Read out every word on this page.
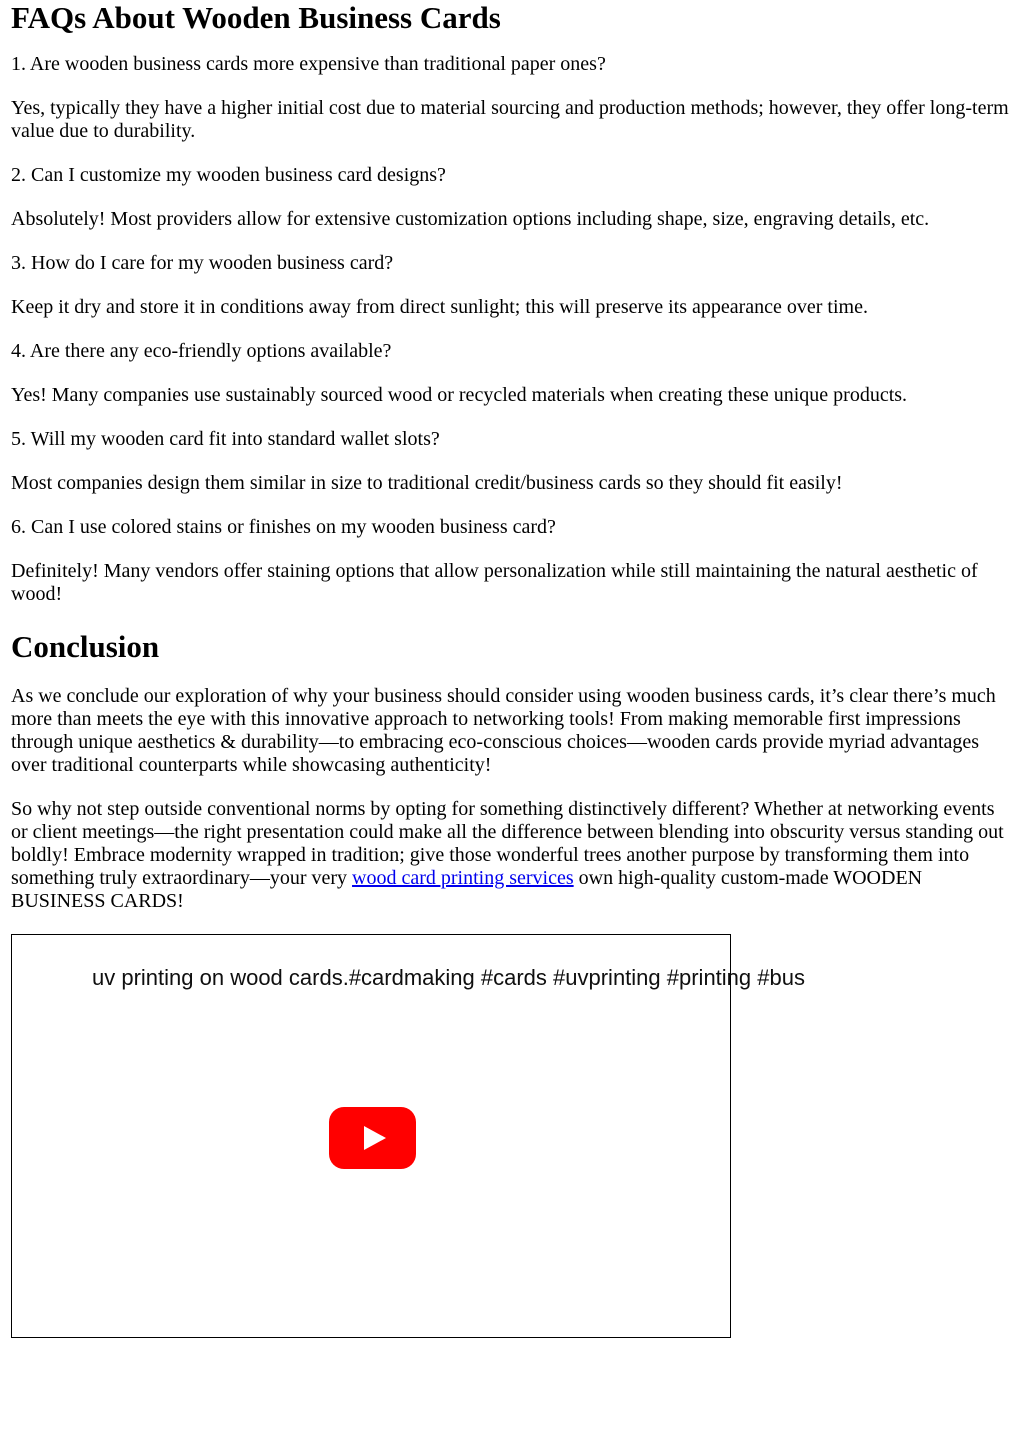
FAQs About Wooden Business Cards

1. Are wooden business cards more expensive than traditional paper ones?

Yes, typically they have a higher initial cost due to material sourcing and production methods; however, they offer long-term value due to durability.

2. Can I customize my wooden business card designs?

Absolutely! Most providers allow for extensive customization options including shape, size, engraving details, etc.

3. How do I care for my wooden business card?

Keep it dry and store it in conditions away from direct sunlight; this will preserve its appearance over time.

4. Are there any eco-friendly options available?

Yes! Many companies use sustainably sourced wood or recycled materials when creating these unique products.

5. Will my wooden card fit into standard wallet slots?

Most companies design them similar in size to traditional credit/business cards so they should fit easily!

6. Can I use colored stains or finishes on my wooden business card?

Definitely! Many vendors offer staining options that allow personalization while still maintaining the natural aesthetic of wood!

Conclusion

As we conclude our exploration of why your business should consider using wooden business cards, it’s clear there’s much more than meets the eye with this innovative approach to networking tools! From making memorable first impressions through unique aesthetics & durability—to embracing eco-conscious choices—wooden cards provide myriad advantages over traditional counterparts while showcasing authenticity!

So why not step outside conventional norms by opting for something distinctively different? Whether at networking events or client meetings—the right presentation could make all the difference between blending into obscurity versus standing out boldly! Embrace modernity wrapped in tradition; give those wonderful trees another purpose by transforming them into something truly extraordinary—your very wood card printing services own high-quality custom-made WOODEN BUSINESS CARDS!

uv printing on wood cards.#cardmaking #cards #uvprinting #printing #bus
